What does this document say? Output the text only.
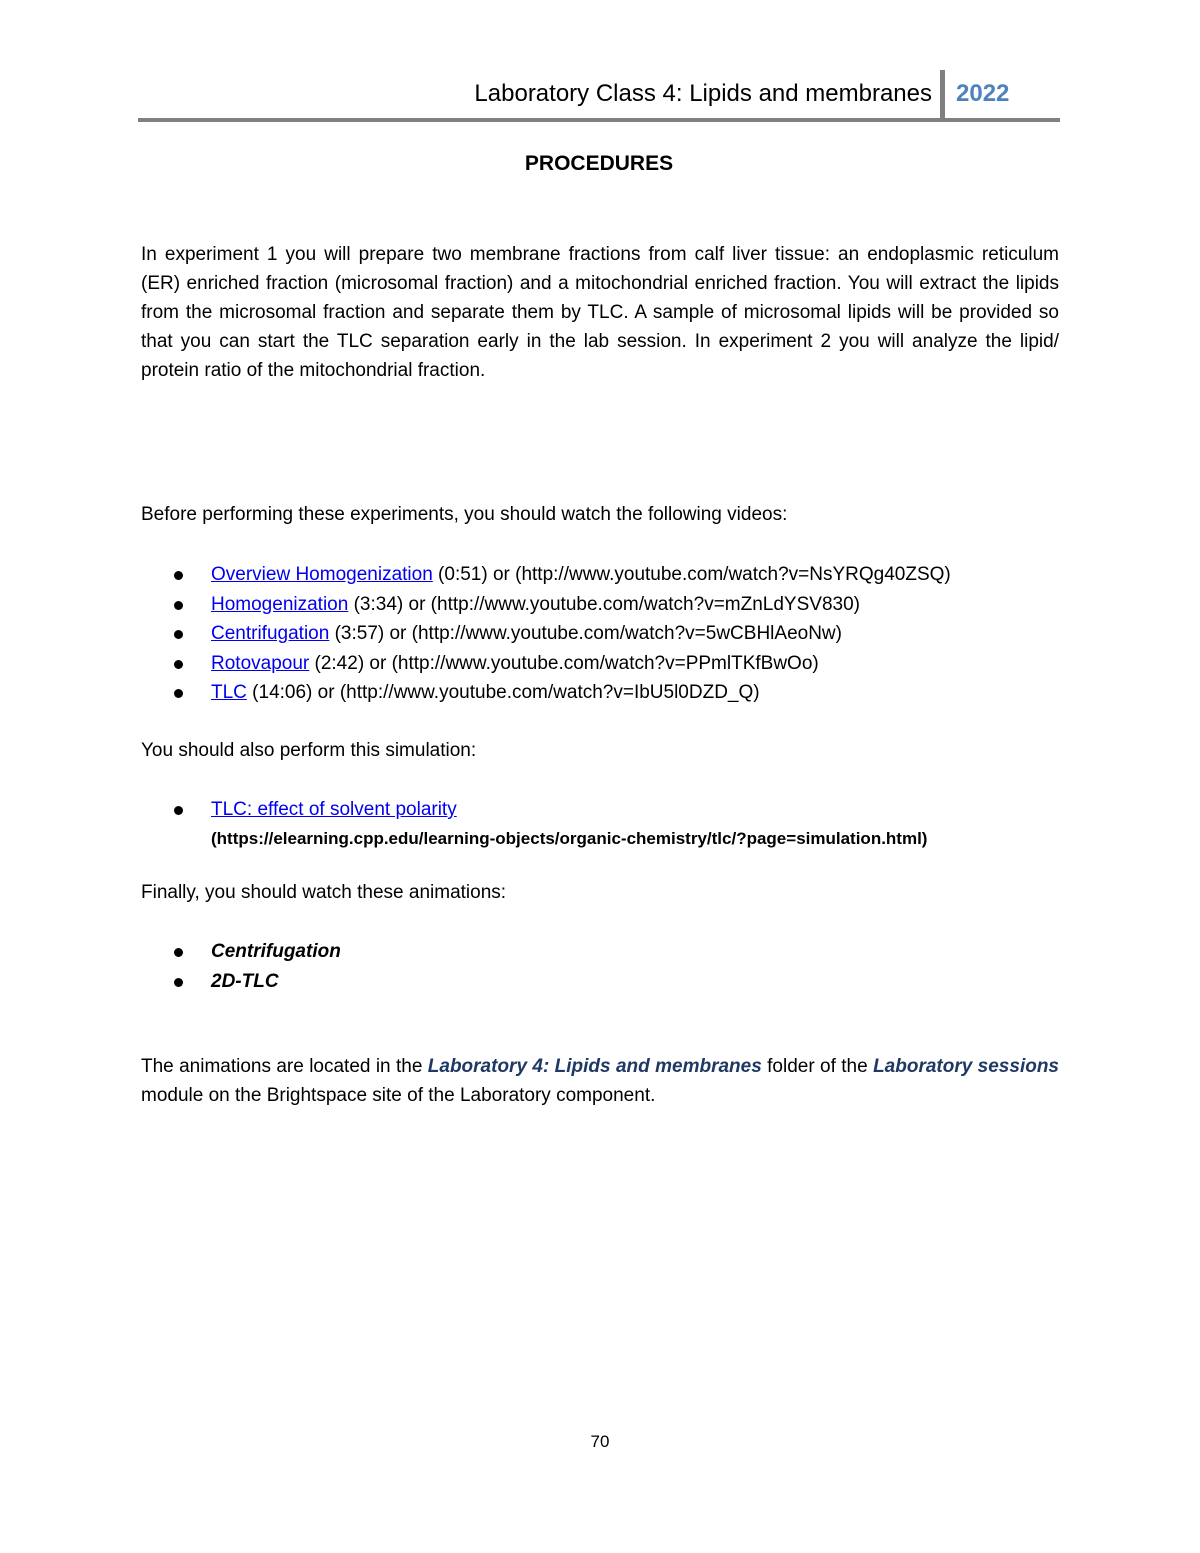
Laboratory Class 4: Lipids and membranes 2022
PROCEDURES

In experiment 1 you will prepare two membrane fractions from calf liver tissue: an endoplasmic reticulum (ER) enriched fraction (microsomal fraction) and a mitochondrial enriched fraction. You will extract the lipids from the microsomal fraction and separate them by TLC. A sample of microsomal lipids will be provided so that you can start the TLC separation early in the lab session. In experiment 2 you will analyze the lipid/ protein ratio of the mitochondrial fraction.

Before performing these experiments, you should watch the following videos:
Overview Homogenization (0:51) or (http://www.youtube.com/watch?v=NsYRQg40ZSQ)
Homogenization (3:34) or (http://www.youtube.com/watch?v=mZnLdYSV830)
Centrifugation (3:57) or (http://www.youtube.com/watch?v=5wCBHlAeoNw)
Rotovapour (2:42) or (http://www.youtube.com/watch?v=PPmlTKfBwOo)
TLC (14:06) or (http://www.youtube.com/watch?v=IbU5l0DZD_Q)
You should also perform this simulation:
TLC: effect of solvent polarity
(https://elearning.cpp.edu/learning-objects/organic-chemistry/tlc/?page=simulation.html)
Finally, you should watch these animations:
Centrifugation
2D-TLC
The animations are located in the Laboratory 4: Lipids and membranes folder of the Laboratory sessions module on the Brightspace site of the Laboratory component.
70
